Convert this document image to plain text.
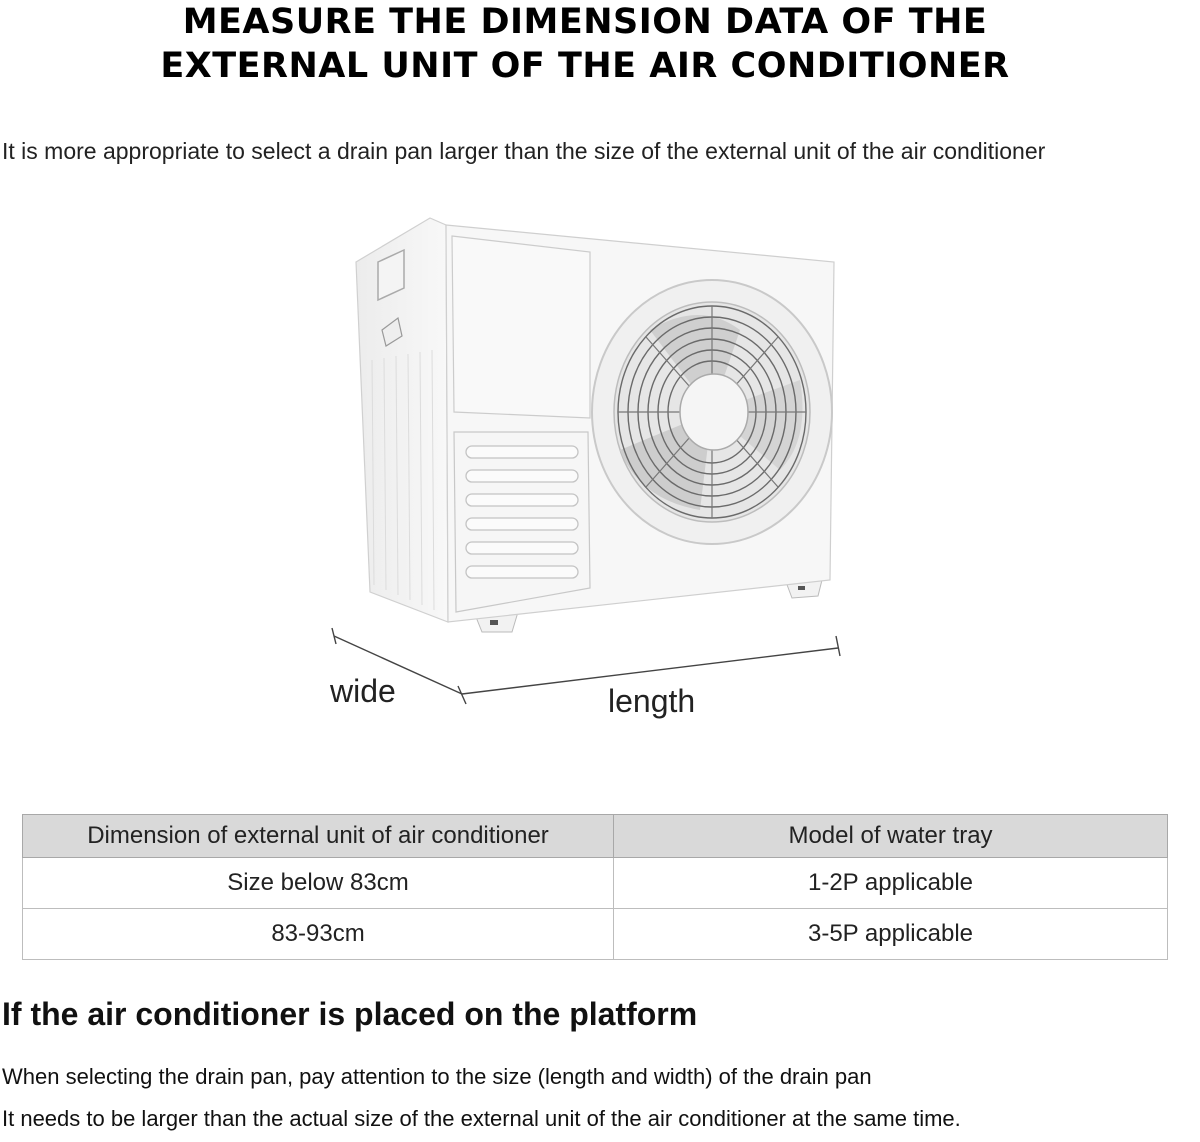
MEASURE THE DIMENSION DATA OF THE
EXTERNAL UNIT OF THE AIR CONDITIONER

It is more appropriate to select a drain pan larger than the size of the external unit of the air conditioner

wide	length
Dimension of external unit of air conditioner	Model of water tray
Size below 83cm	1-2P applicable
83-93cm	3-5P applicable
If the air conditioner is placed on the platform

When selecting the drain pan, pay attention to the size (length and width) of the drain pan

It needs to be larger than the actual size of the external unit of the air conditioner at the same time.
